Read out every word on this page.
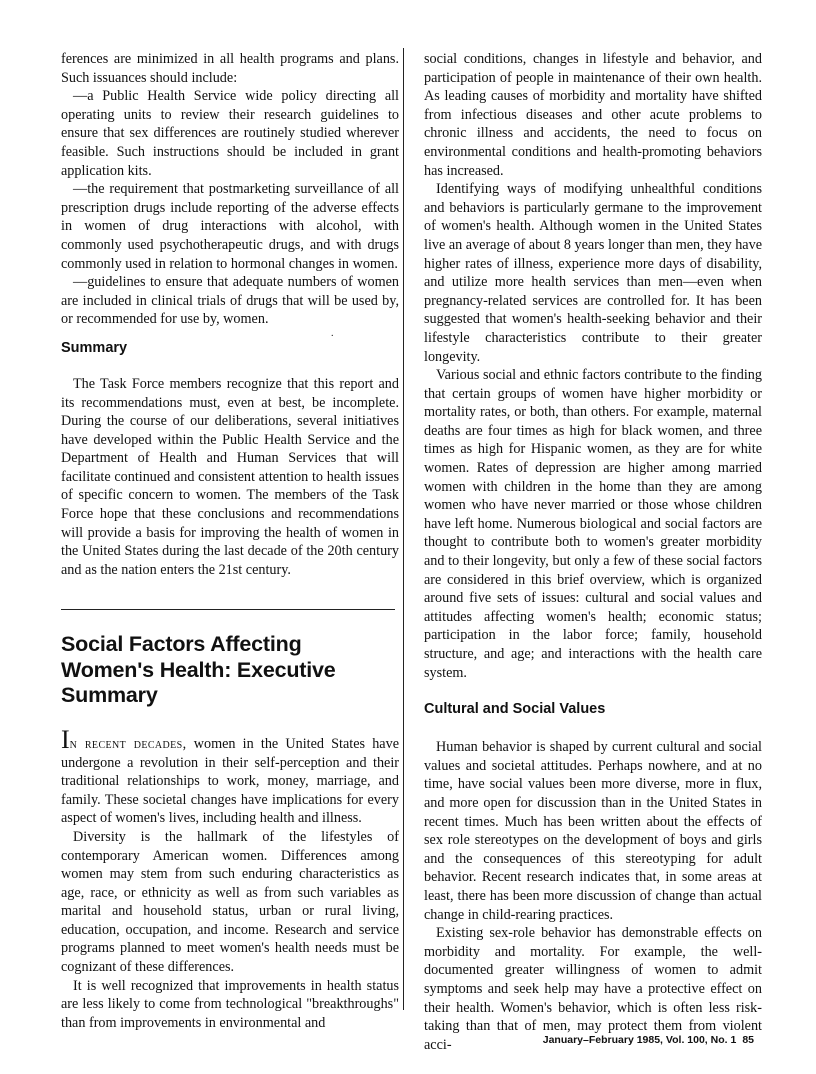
ferences are minimized in all health programs and plans. Such issuances should include:

—a Public Health Service wide policy directing all operating units to review their research guidelines to ensure that sex differences are routinely studied wherever feasible. Such instructions should be included in grant application kits.

—the requirement that postmarketing surveillance of all prescription drugs include reporting of the adverse effects in women of drug interactions with alcohol, with commonly used psychotherapeutic drugs, and with drugs commonly used in relation to hormonal changes in women.

—guidelines to ensure that adequate numbers of women are included in clinical trials of drugs that will be used by, or recommended for use by, women.

.
Summary

The Task Force members recognize that this report and its recommendations must, even at best, be incomplete. During the course of our deliberations, several initiatives have developed within the Public Health Service and the Department of Health and Human Services that will facilitate continued and consistent attention to health issues of specific concern to women. The members of the Task Force hope that these conclusions and recommendations will provide a basis for improving the health of women in the United States during the last decade of the 20th century and as the nation enters the 21st century.

Social Factors Affecting Women's Health: Executive Summary

In recent decades, women in the United States have undergone a revolution in their self-perception and their traditional relationships to work, money, marriage, and family. These societal changes have implications for every aspect of women's lives, including health and illness.

Diversity is the hallmark of the lifestyles of contemporary American women. Differences among women may stem from such enduring characteristics as age, race, or ethnicity as well as from such variables as marital and household status, urban or rural living, education, occupation, and income. Research and service programs planned to meet women's health needs must be cognizant of these differences.

It is well recognized that improvements in health status are less likely to come from technological "breakthroughs" than from improvements in environmental and

social conditions, changes in lifestyle and behavior, and participation of people in maintenance of their own health. As leading causes of morbidity and mortality have shifted from infectious diseases and other acute problems to chronic illness and accidents, the need to focus on environmental conditions and health-promoting behaviors has increased.

Identifying ways of modifying unhealthful conditions and behaviors is particularly germane to the improvement of women's health. Although women in the United States live an average of about 8 years longer than men, they have higher rates of illness, experience more days of disability, and utilize more health services than men—even when pregnancy-related services are controlled for. It has been suggested that women's health-seeking behavior and their lifestyle characteristics contribute to their greater longevity.

Various social and ethnic factors contribute to the finding that certain groups of women have higher morbidity or mortality rates, or both, than others. For example, maternal deaths are four times as high for black women, and three times as high for Hispanic women, as they are for white women. Rates of depression are higher among married women with children in the home than they are among women who have never married or those whose children have left home. Numerous biological and social factors are thought to contribute both to women's greater morbidity and to their longevity, but only a few of these social factors are considered in this brief overview, which is organized around five sets of issues: cultural and social values and attitudes affecting women's health; economic status; participation in the labor force; family, household structure, and age; and interactions with the health care system.

Cultural and Social Values

Human behavior is shaped by current cultural and social values and societal attitudes. Perhaps nowhere, and at no time, have social values been more diverse, more in flux, and more open for discussion than in the United States in recent times. Much has been written about the effects of sex role stereotypes on the development of boys and girls and the consequences of this stereotyping for adult behavior. Recent research indicates that, in some areas at least, there has been more discussion of change than actual change in child-rearing practices.

Existing sex-role behavior has demonstrable effects on morbidity and mortality. For example, the well-documented greater willingness of women to admit symptoms and seek help may have a protective effect on their health. Women's behavior, which is often less risk-taking than that of men, may protect them from violent acci-	January–February 1985, Vol. 100, No. 1 85
